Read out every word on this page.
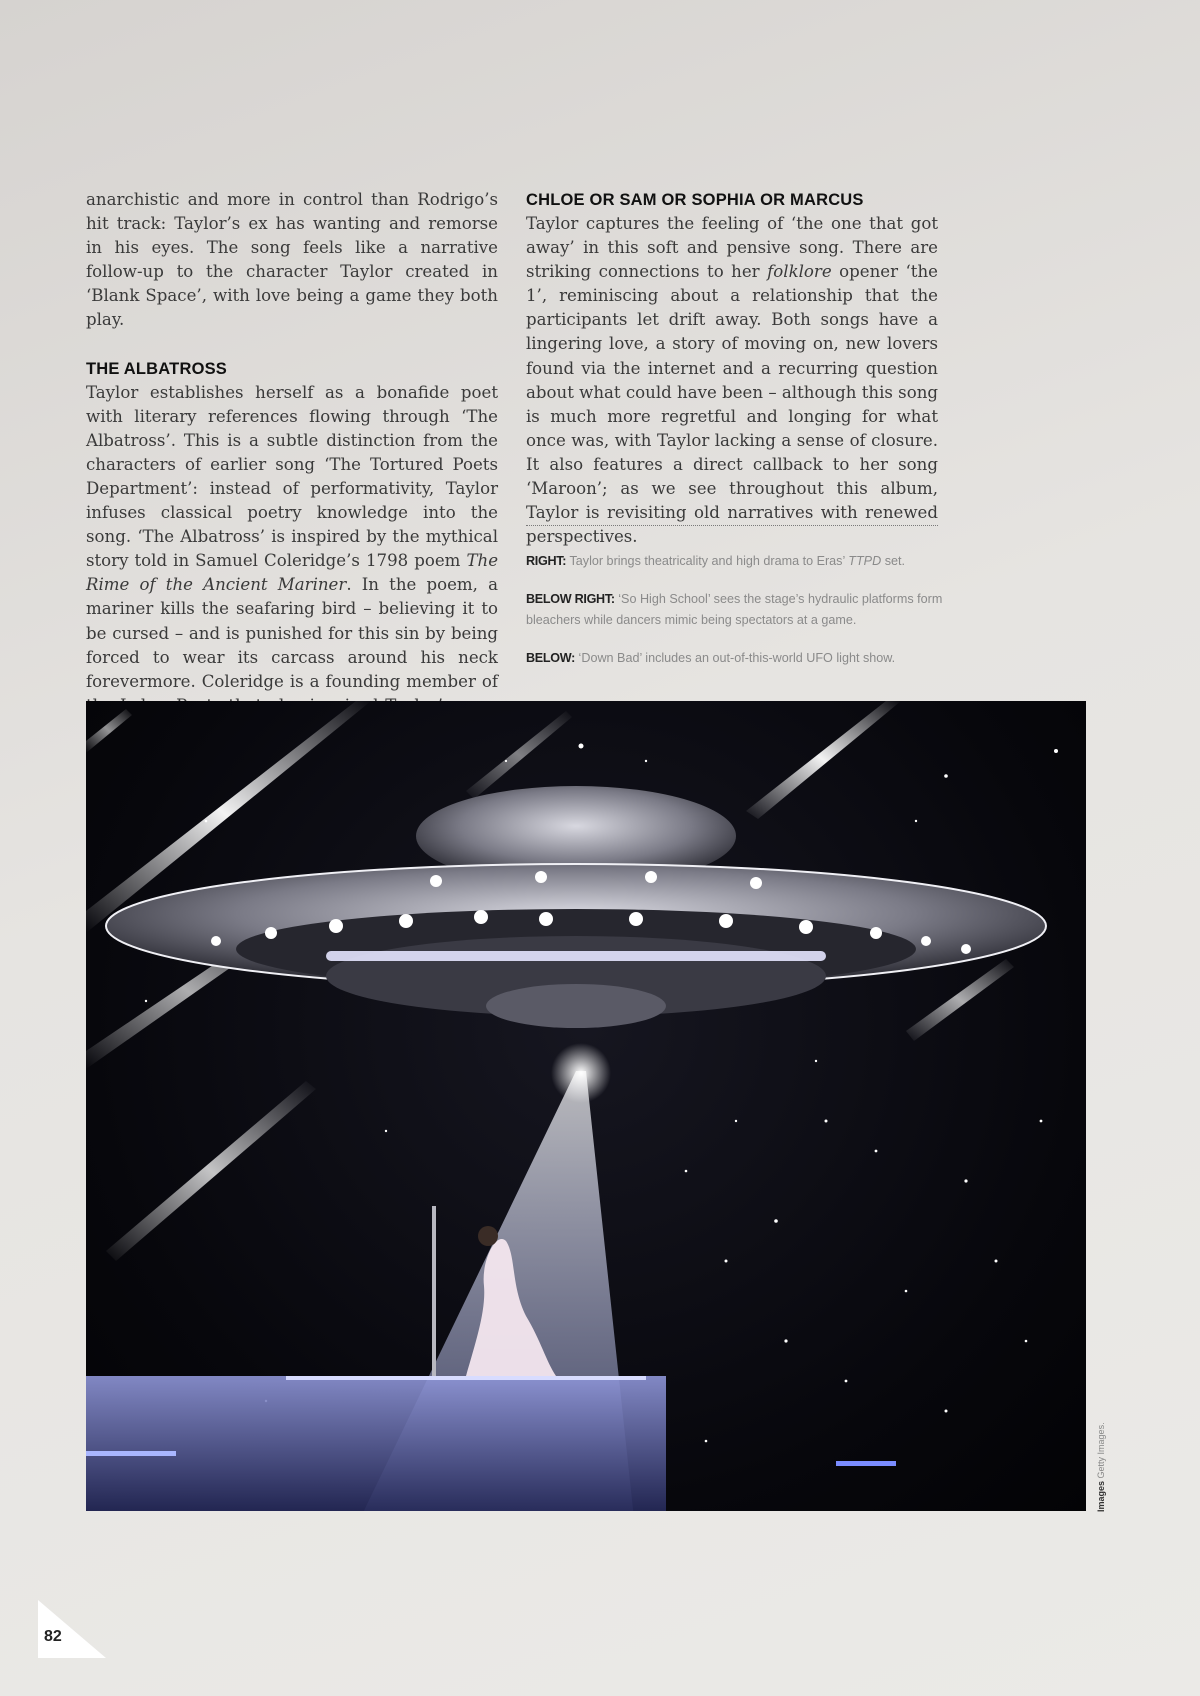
anarchistic and more in control than Rodrigo’s hit track: Taylor’s ex has wanting and remorse in his eyes. The song feels like a narrative follow-up to the character Taylor created in ‘Blank Space’, with love being a game they both play.

THE ALBATROSS

Taylor establishes herself as a bonafide poet with literary references flowing through ‘The Albatross’. This is a subtle distinction from the characters of earlier song ‘The Tortured Poets Department’: instead of performativity, Taylor infuses classical poetry knowledge into the song. ‘The Albatross’ is inspired by the mythical story told in Samuel Coleridge’s 1798 poem The Rime of the Ancient Mariner. In the poem, a mariner kills the seafaring bird – believing it to be cursed – and is punished for this sin by being forced to wear its carcass around his neck forevermore. Coleridge is a founding member of

CHLOE OR SAM OR SOPHIA OR MARCUS

Taylor captures the feeling of ‘the one that got away’ in this soft and pensive song. There are striking connections to her folklore opener ‘the 1’, reminiscing about a relationship that the participants let drift away. Both songs have a lingering love, a story of moving on, new lovers found via the internet and a recurring question about what could have been – although this song is much more regretful and longing for what once was, with Taylor lacking a sense of closure. It also features a direct callback to her song ‘Maroon’; as we see throughout this album, Taylor is revisiting old narratives with renewed perspectives.

RIGHT: Taylor brings theatricality and high drama to Eras’ TTPD set.

BELOW RIGHT: ‘So High School’ sees the stage’s hydraulic platforms form bleachers while dancers mimic being spectators at a game.

BELOW: ‘Down Bad’ includes an out-of-this-world UFO light show.

Images Getty Images.
82
